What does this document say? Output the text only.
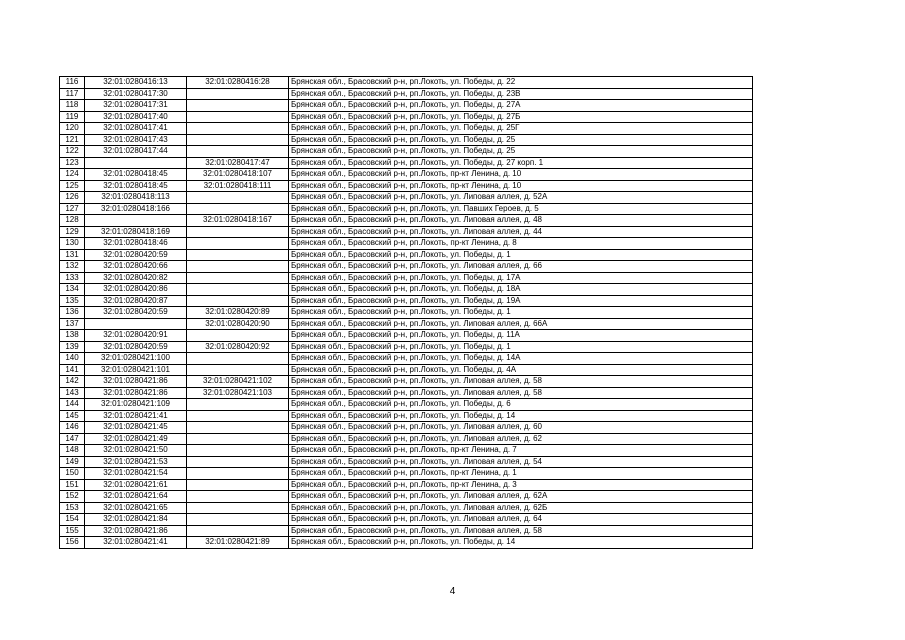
116	32:01:0280416:13	32:01:0280416:28	Брянская обл., Брасовский р-н, рп.Локоть, ул. Победы, д. 22
117	32:01:0280417:30		Брянская обл., Брасовский р-н, рп.Локоть, ул. Победы, д. 23В
118	32:01:0280417:31		Брянская обл., Брасовский р-н, рп.Локоть, ул. Победы, д. 27А
119	32:01:0280417:40		Брянская обл., Брасовский р-н, рп.Локоть, ул. Победы, д. 27Б
120	32:01:0280417:41		Брянская обл., Брасовский р-н, рп.Локоть, ул. Победы, д. 25Г
121	32:01:0280417:43		Брянская обл., Брасовский р-н, рп.Локоть, ул. Победы, д. 25
122	32:01:0280417:44		Брянская обл., Брасовский р-н, рп.Локоть, ул. Победы, д. 25
123		32:01:0280417:47	Брянская обл., Брасовский р-н, рп.Локоть, ул. Победы, д. 27 корп. 1
124	32:01:0280418:45	32:01:0280418:107	Брянская обл., Брасовский р-н, рп.Локоть, пр-кт Ленина, д. 10
125	32:01:0280418:45	32:01:0280418:111	Брянская обл., Брасовский р-н, рп.Локоть, пр-кт Ленина, д. 10
126	32:01:0280418:113		Брянская обл., Брасовский р-н, рп.Локоть, ул. Липовая аллея, д. 52А
127	32:01:0280418:166		Брянская обл., Брасовский р-н, рп.Локоть, ул. Павших Героев, д. 5
128		32:01:0280418:167	Брянская обл., Брасовский р-н, рп.Локоть, ул. Липовая аллея, д. 48
129	32:01:0280418:169		Брянская обл., Брасовский р-н, рп.Локоть, ул. Липовая аллея, д. 44
130	32:01:0280418:46		Брянская обл., Брасовский р-н, рп.Локоть, пр-кт Ленина, д. 8
131	32:01:0280420:59		Брянская обл., Брасовский р-н, рп.Локоть, ул. Победы, д. 1
132	32:01:0280420:66		Брянская обл., Брасовский р-н, рп.Локоть, ул. Липовая аллея, д. 66
133	32:01:0280420:82		Брянская обл., Брасовский р-н, рп.Локоть, ул. Победы, д. 17А
134	32:01:0280420:86		Брянская обл., Брасовский р-н, рп.Локоть, ул. Победы, д. 18А
135	32:01:0280420:87		Брянская обл., Брасовский р-н, рп.Локоть, ул. Победы, д. 19А
136	32:01:0280420:59	32:01:0280420:89	Брянская обл., Брасовский р-н, рп.Локоть, ул. Победы, д. 1
137		32:01:0280420:90	Брянская обл., Брасовский р-н, рп.Локоть, ул. Липовая аллея, д. 66А
138	32:01:0280420:91		Брянская обл., Брасовский р-н, рп.Локоть, ул. Победы, д. 11А
139	32:01:0280420:59	32:01:0280420:92	Брянская обл., Брасовский р-н, рп.Локоть, ул. Победы, д. 1
140	32:01:0280421:100		Брянская обл., Брасовский р-н, рп.Локоть, ул. Победы, д. 14А
141	32:01:0280421:101		Брянская обл., Брасовский р-н, рп.Локоть, ул. Победы, д. 4А
142	32:01:0280421:86	32:01:0280421:102	Брянская обл., Брасовский р-н, рп.Локоть, ул. Липовая аллея, д. 58
143	32:01:0280421:86	32:01:0280421:103	Брянская обл., Брасовский р-н, рп.Локоть, ул. Липовая аллея, д. 58
144	32:01:0280421:109		Брянская обл., Брасовский р-н, рп.Локоть, ул. Победы, д. 6
145	32:01:0280421:41		Брянская обл., Брасовский р-н, рп.Локоть, ул. Победы, д. 14
146	32:01:0280421:45		Брянская обл., Брасовский р-н, рп.Локоть, ул. Липовая аллея, д. 60
147	32:01:0280421:49		Брянская обл., Брасовский р-н, рп.Локоть, ул. Липовая аллея, д. 62
148	32:01:0280421:50		Брянская обл., Брасовский р-н, рп.Локоть, пр-кт Ленина, д. 7
149	32:01:0280421:53		Брянская обл., Брасовский р-н, рп.Локоть, ул. Липовая аллея, д. 54
150	32:01:0280421:54		Брянская обл., Брасовский р-н, рп.Локоть, пр-кт Ленина, д. 1
151	32:01:0280421:61		Брянская обл., Брасовский р-н, рп.Локоть, пр-кт Ленина, д. 3
152	32:01:0280421:64		Брянская обл., Брасовский р-н, рп.Локоть, ул. Липовая аллея, д. 62А
153	32:01:0280421:65		Брянская обл., Брасовский р-н, рп.Локоть, ул. Липовая аллея, д. 62Б
154	32:01:0280421:84		Брянская обл., Брасовский р-н, рп.Локоть, ул. Липовая аллея, д. 64
155	32:01:0280421:86		Брянская обл., Брасовский р-н, рп.Локоть, ул. Липовая аллея, д. 58
156	32:01:0280421:41	32:01:0280421:89	Брянская обл., Брасовский р-н, рп.Локоть, ул. Победы, д. 14
4
